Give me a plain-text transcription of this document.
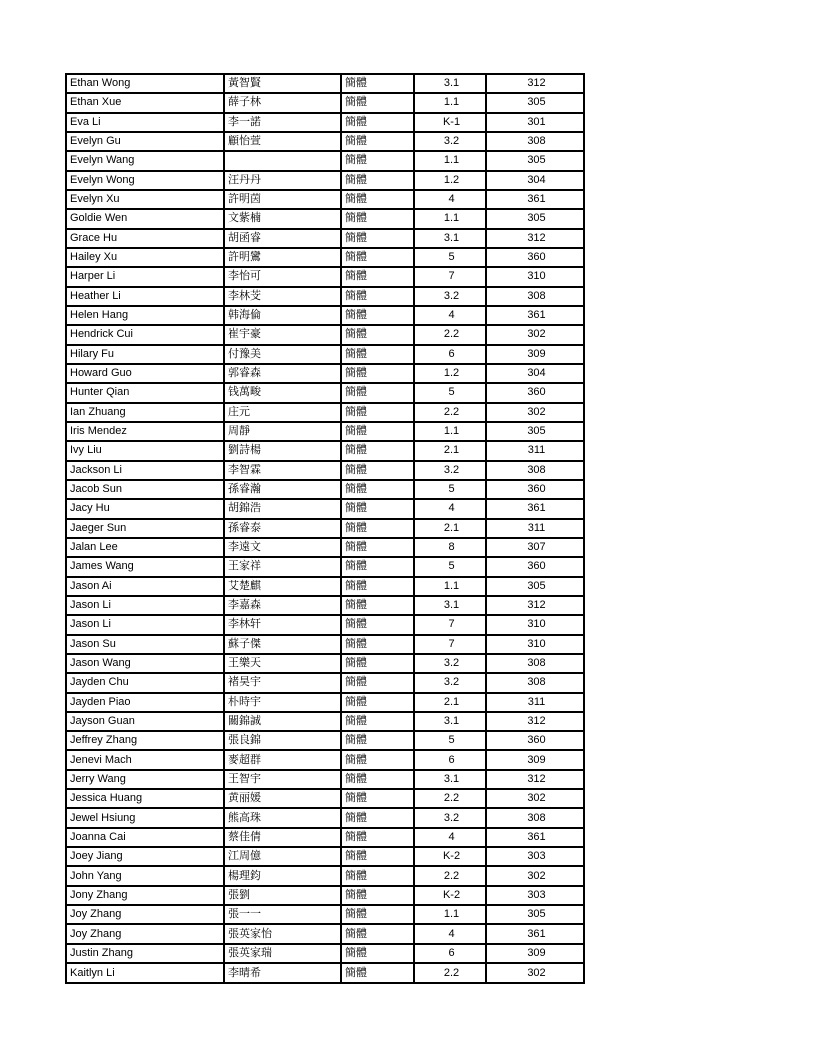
Ethan Wong	黃智賢	簡體	3.1	312
Ethan Xue	薛子林	簡體	1.1	305
Eva Li	李一諾	簡體	K-1	301
Evelyn Gu	顧怡萱	簡體	3.2	308
Evelyn Wang		簡體	1.1	305
Evelyn Wong	汪丹丹	簡體	1.2	304
Evelyn Xu	許明茵	簡體	4	361
Goldie Wen	文紫楠	簡體	1.1	305
Grace Hu	胡函睿	簡體	3.1	312
Hailey Xu	許明鸞	簡體	5	360
Harper Li	李怡可	簡體	7	310
Heather Li	李林芠	簡體	3.2	308
Helen Hang	韩海倫	簡體	4	361
Hendrick Cui	崔宇豪	簡體	2.2	302
Hilary Fu	付豫美	簡體	6	309
Howard Guo	郭睿森	簡體	1.2	304
Hunter Qian	钱萬畯	簡體	5	360
Ian Zhuang	庄元	簡體	2.2	302
Iris Mendez	周靜	簡體	1.1	305
Ivy Liu	劉詩楊	簡體	2.1	311
Jackson Li	李智霖	簡體	3.2	308
Jacob Sun	孫睿瀚	簡體	5	360
Jacy Hu	胡錦浩	簡體	4	361
Jaeger Sun	孫睿泰	簡體	2.1	311
Jalan Lee	李遠文	簡體	8	307
James Wang	王家祥	簡體	5	360
Jason Ai	艾楚麒	簡體	1.1	305
Jason Li	李嘉森	簡體	3.1	312
Jason Li	李林轩	簡體	7	310
Jason Su	蘇子傑	簡體	7	310
Jason Wang	王樂天	簡體	3.2	308
Jayden Chu	褚昊宇	簡體	3.2	308
Jayden Piao	朴時宇	簡體	2.1	311
Jayson Guan	關錦誠	簡體	3.1	312
Jeffrey Zhang	張良錦	簡體	5	360
Jenevi Mach	麥超群	簡體	6	309
Jerry Wang	王智宇	簡體	3.1	312
Jessica Huang	黄丽媛	簡體	2.2	302
Jewel Hsiung	熊高珠	簡體	3.2	308
Joanna Cai	蔡佳倩	簡體	4	361
Joey Jiang	江周億	簡體	K-2	303
John Yang	楊理鈞	簡體	2.2	302
Jony Zhang	張劉	簡體	K-2	303
Joy Zhang	張一一	簡體	1.1	305
Joy Zhang	張英家怡	簡體	4	361
Justin Zhang	張英家瑞	簡體	6	309
Kaitlyn Li	李晴希	簡體	2.2	302
